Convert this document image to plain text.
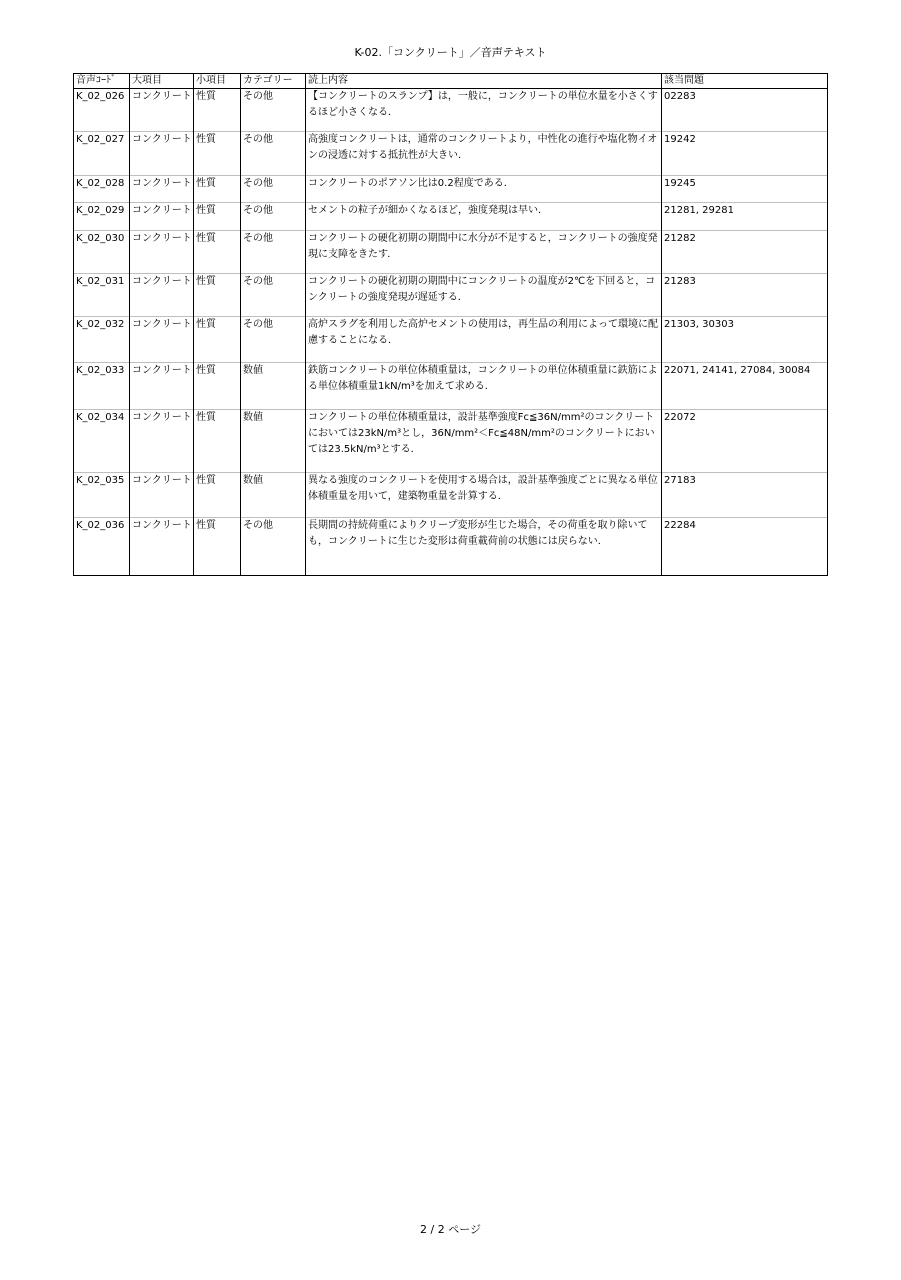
K-02.「コンクリート」／音声テキスト
音声ｺｰﾄﾞ	大項目	小項目	カテゴリー	読上内容	該当問題
K_02_026	コンクリート	性質	その他	【コンクリートのスランプ】は，一般に，コンクリートの単位水量を小さくするほど小さくなる．	02283
K_02_027	コンクリート	性質	その他	高強度コンクリートは，通常のコンクリートより，中性化の進行や塩化物イオンの浸透に対する抵抗性が大きい．	19242
K_02_028	コンクリート	性質	その他	コンクリートのポアソン比は0.2程度である．	19245
K_02_029	コンクリート	性質	その他	セメントの粒子が細かくなるほど，強度発現は早い．	21281, 29281
K_02_030	コンクリート	性質	その他	コンクリートの硬化初期の期間中に水分が不足すると，コンクリートの強度発現に支障をきたす．	21282
K_02_031	コンクリート	性質	その他	コンクリートの硬化初期の期間中にコンクリートの温度が2℃を下回ると，コンクリートの強度発現が遅延する．	21283
K_02_032	コンクリート	性質	その他	高炉スラグを利用した高炉セメントの使用は，再生品の利用によって環境に配慮することになる．	21303, 30303
K_02_033	コンクリート	性質	数値	鉄筋コンクリートの単位体積重量は，コンクリートの単位体積重量に鉄筋による単位体積重量1kN/m³を加えて求める．	22071, 24141, 27084, 30084
K_02_034	コンクリート	性質	数値	コンクリートの単位体積重量は，設計基準強度Fc≦36N/mm²のコンクリートにおいては23kN/m³とし，36N/mm²＜Fc≦48N/mm²のコンクリートにおいては23.5kN/m³とする．	22072
K_02_035	コンクリート	性質	数値	異なる強度のコンクリートを使用する場合は，設計基準強度ごとに異なる単位体積重量を用いて，建築物重量を計算する．	27183
K_02_036	コンクリート	性質	その他	長期間の持続荷重によりクリープ変形が生じた場合，その荷重を取り除いても，コンクリートに生じた変形は荷重載荷前の状態には戻らない．	22284
2 / 2 ページ
